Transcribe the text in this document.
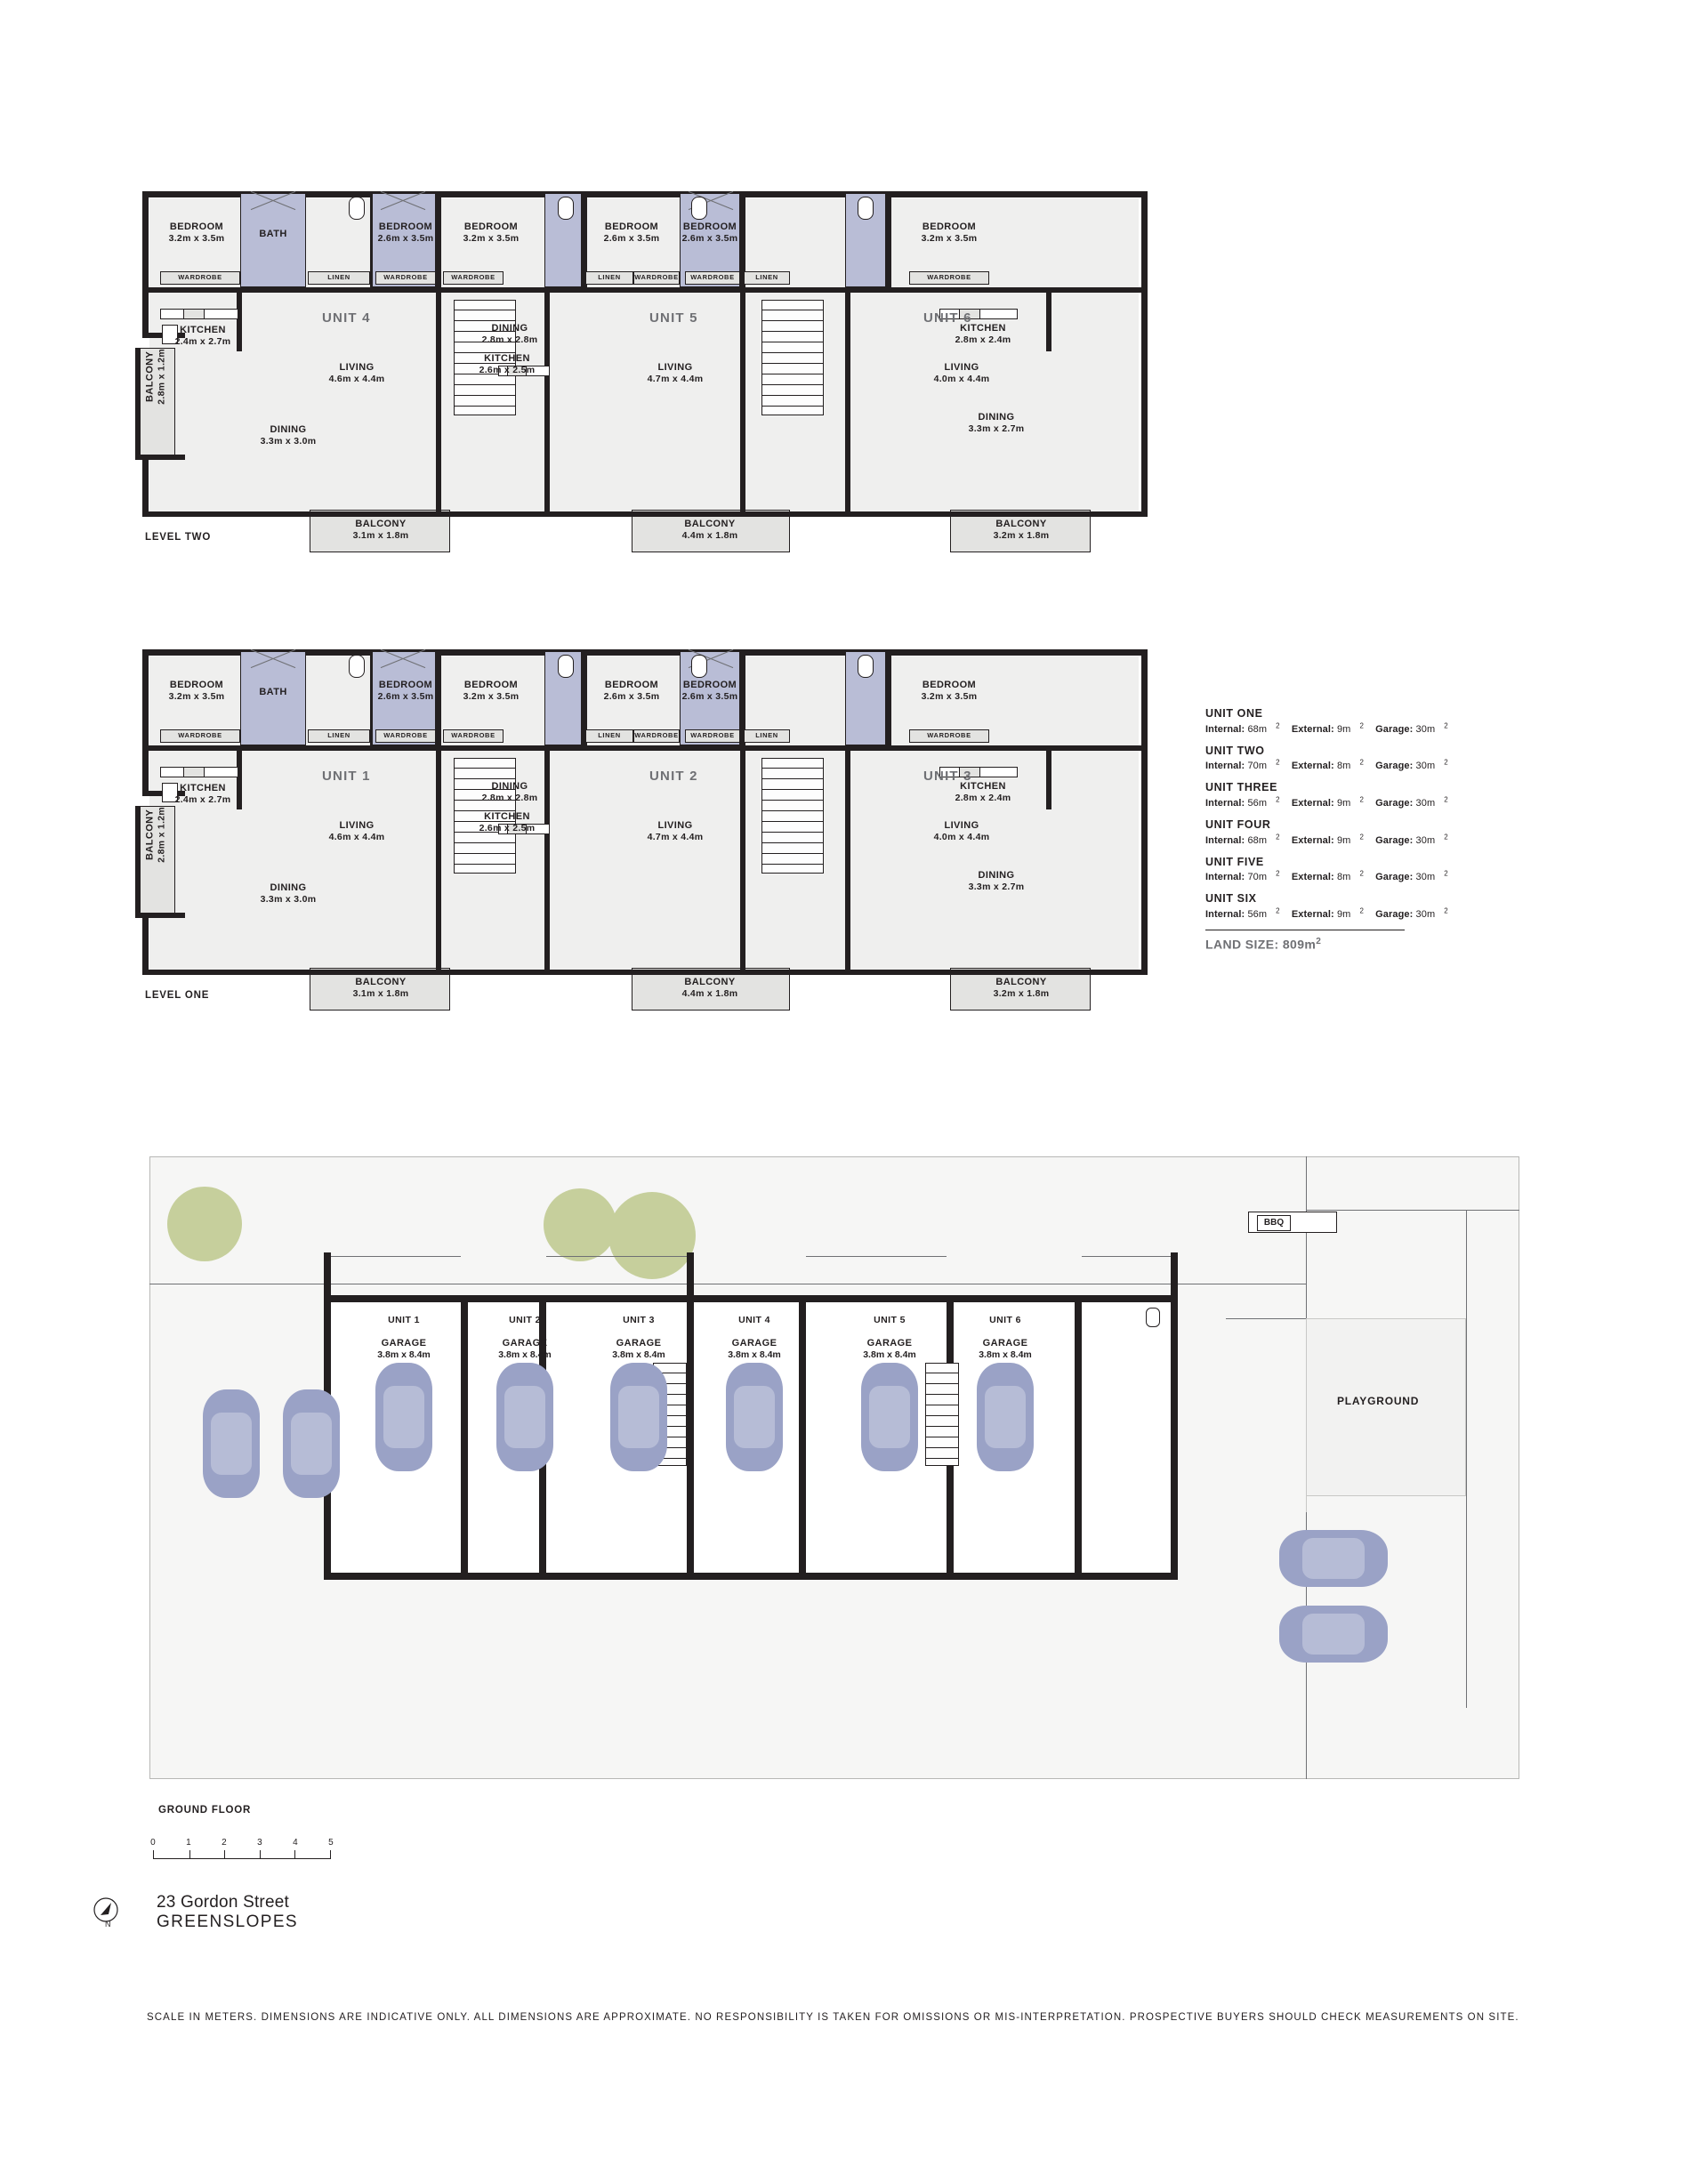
WARDROBE	LINEN	WARDROBE	WARDROBE	LINEN	WARDROBE	WARDROBE	LINEN	WARDROBE
UNIT 4	UNIT 5	UNIT 6
BEDROOM
3.2m x 3.5m	BATH
BEDROOM
2.6m x 3.5m
BEDROOM
3.2m x 3.5m
BEDROOM
2.6m x 3.5m
BEDROOM
2.6m x 3.5m
BEDROOM
3.2m x 3.5m
KITCHEN
2.4m x 2.7m
DINING
2.8m x 2.8m
KITCHEN
2.8m x 2.4m
LIVING
4.6m x 4.4m
LIVING
4.7m x 4.4m
LIVING
4.0m x 4.4m
KITCHEN
2.6m x 2.5m
DINING
3.3m x 3.0m
DINING
3.3m x 2.7m
BALCONY 2.8m x 1.2m
BALCONY
3.1m x 1.8m
BALCONY
4.4m x 1.8m
BALCONY
3.2m x 1.8m
LEVEL TWO
WARDROBE	LINEN	WARDROBE	WARDROBE	LINEN	WARDROBE	WARDROBE	LINEN	WARDROBE
UNIT 1	UNIT 2	UNIT 3
BEDROOM
3.2m x 3.5m	BATH
BEDROOM
2.6m x 3.5m
BEDROOM
3.2m x 3.5m
BEDROOM
2.6m x 3.5m
BEDROOM
2.6m x 3.5m
BEDROOM
3.2m x 3.5m
KITCHEN
2.4m x 2.7m
DINING
2.8m x 2.8m
KITCHEN
2.8m x 2.4m
LIVING
4.6m x 4.4m
LIVING
4.7m x 4.4m
LIVING
4.0m x 4.4m
KITCHEN
2.6m x 2.5m
DINING
3.3m x 3.0m
DINING
3.3m x 2.7m
BALCONY 2.8m x 1.2m
BALCONY
3.1m x 1.8m
BALCONY
4.4m x 1.8m
BALCONY
3.2m x 1.8m
LEVEL ONE
UNIT ONE
Internal: 68m $^2$ External: 9m $^2$ Garage: 30m $^2$
UNIT TWO
Internal: 70m $^2$ External: 8m $^2$ Garage: 30m $^2$
UNIT THREE
Internal: 56m $^2$ External: 9m $^2$ Garage: 30m $^2$
UNIT FOUR
Internal: 68m $^2$ External: 9m $^2$ Garage: 30m $^2$
UNIT FIVE
Internal: 70m $^2$ External: 8m $^2$ Garage: 30m $^2$
UNIT SIX
Internal: 56m $^2$ External: 9m $^2$ Garage: 30m $^2$
LAND SIZE: $809m^2$
PLAYGROUND
BBQ
UNIT 1	UNIT 2	UNIT 3	UNIT 4	UNIT 5	UNIT 6
GARAGE
3.8m x 8.4m
GARAGE
3.8m x 8.4m
GARAGE
3.8m x 8.4m
GARAGE
3.8m x 8.4m
GARAGE
3.8m x 8.4m
GARAGE
3.8m x 8.4m
GROUND FLOOR
0	1	2	3	4	5
N
23 Gordon Street
GREENSLOPES
SCALE IN METERS. DIMENSIONS ARE INDICATIVE ONLY. ALL DIMENSIONS ARE APPROXIMATE. NO RESPONSIBILITY IS TAKEN FOR OMISSIONS OR MIS-INTERPRETATION. PROSPECTIVE BUYERS SHOULD CHECK MEASUREMENTS ON SITE.
